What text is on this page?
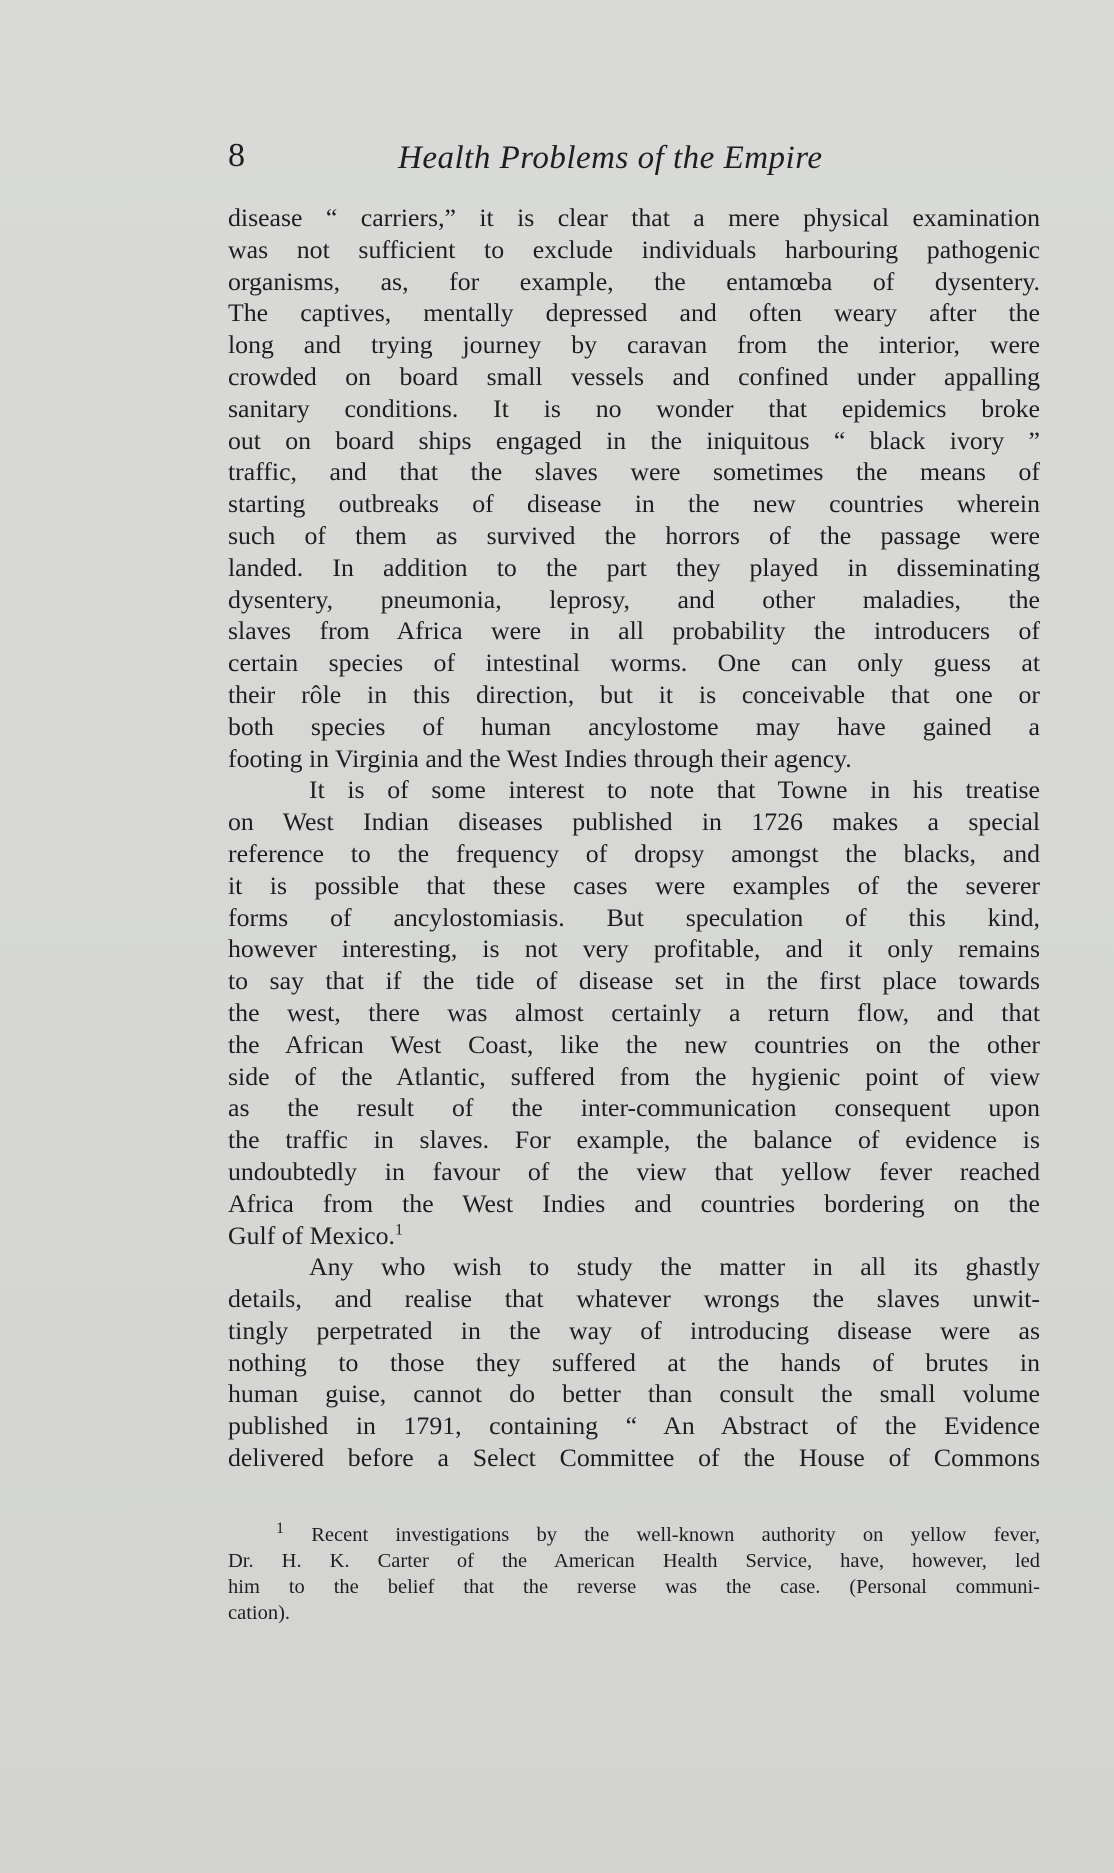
8	Health Problems of the Empire
disease “ carriers,” it is clear that a mere physical examination
was not sufficient to exclude individuals harbouring pathogenic
organisms, as, for example, the entamœba of dysentery.
The captives, mentally depressed and often weary after the
long and trying journey by caravan from the interior, were
crowded on board small vessels and confined under appalling
sanitary conditions. It is no wonder that epidemics broke
out on board ships engaged in the iniquitous “ black ivory ”
traffic, and that the slaves were sometimes the means of
starting outbreaks of disease in the new countries wherein
such of them as survived the horrors of the passage were
landed. In addition to the part they played in disseminating
dysentery, pneumonia, leprosy, and other maladies, the
slaves from Africa were in all probability the introducers of
certain species of intestinal worms. One can only guess at
their rôle in this direction, but it is conceivable that one or
both species of human ancylostome may have gained a
footing in Virginia and the West Indies through their agency.
It is of some interest to note that Towne in his treatise
on West Indian diseases published in 1726 makes a special
reference to the frequency of dropsy amongst the blacks, and
it is possible that these cases were examples of the severer
forms of ancylostomiasis. But speculation of this kind,
however interesting, is not very profitable, and it only remains
to say that if the tide of disease set in the first place towards
the west, there was almost certainly a return flow, and that
the African West Coast, like the new countries on the other
side of the Atlantic, suffered from the hygienic point of view
as the result of the inter-communication consequent upon
the traffic in slaves. For example, the balance of evidence is
undoubtedly in favour of the view that yellow fever reached
Africa from the West Indies and countries bordering on the
Gulf of Mexico.$^1$
Any who wish to study the matter in all its ghastly
details, and realise that whatever wrongs the slaves unwit-
tingly perpetrated in the way of introducing disease were as
nothing to those they suffered at the hands of brutes in
human guise, cannot do better than consult the small volume
published in 1791, containing “ An Abstract of the Evidence
delivered before a Select Committee of the House of Commons
$^1$ Recent investigations by the well-known authority on yellow fever,
Dr. H. K. Carter of the American Health Service, have, however, led
him to the belief that the reverse was the case. (Personal communi-
cation).
